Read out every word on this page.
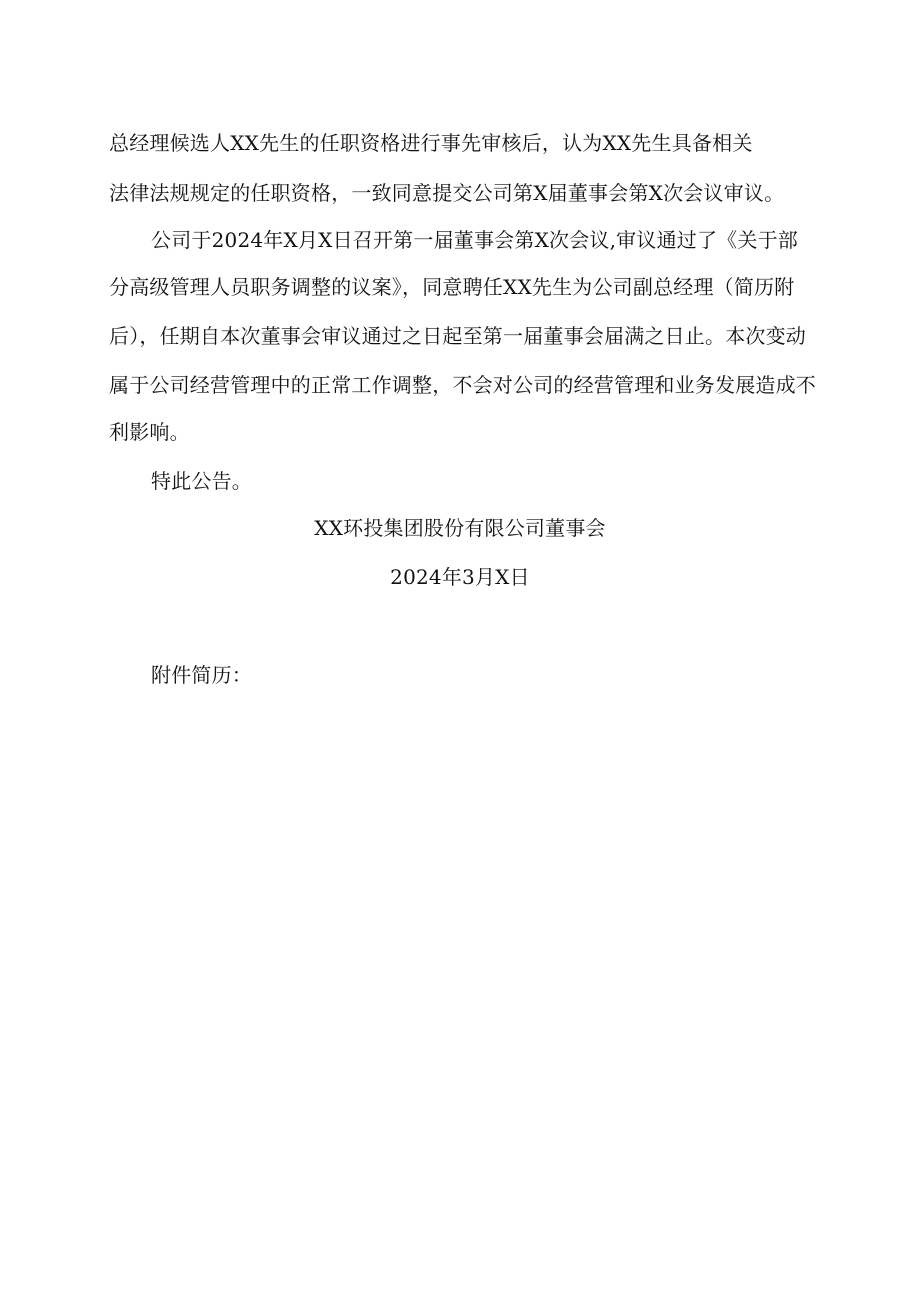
总经理候选人XX先生的任职资格进行事先审核后，认为XX先生具备相关
法律法规规定的任职资格，一致同意提交公司第X届董事会第X次会议审议。
公司于2024年X月X日召开第一届董事会第X次会议,审议通过了《关于部
分高级管理人员职务调整的议案》，同意聘任XX先生为公司副总经理（简历附
后），任期自本次董事会审议通过之日起至第一届董事会届满之日止。本次变动
属于公司经营管理中的正常工作调整，不会对公司的经营管理和业务发展造成不
利影响。
特此公告。
XX环投集团股份有限公司董事会
2024年3月X日
附件简历：
